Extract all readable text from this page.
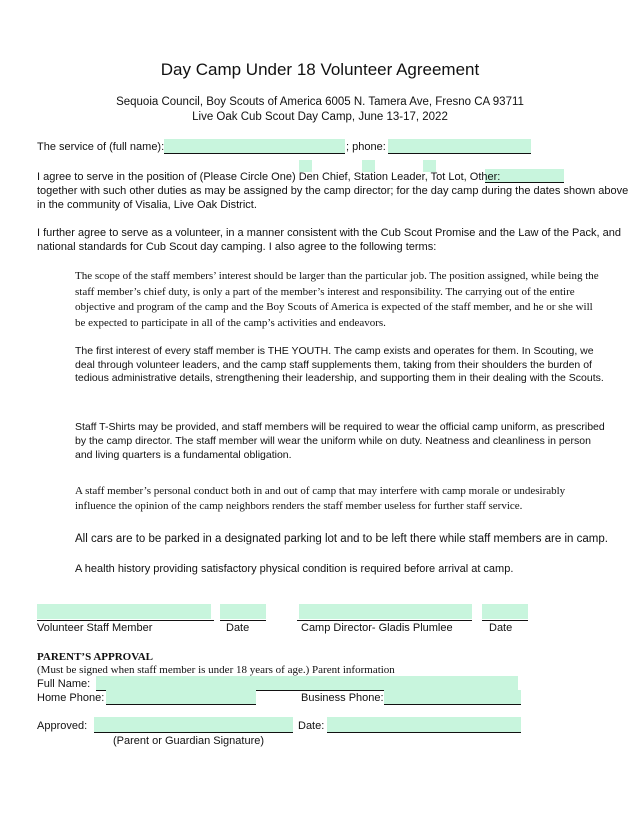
Day Camp Under 18 Volunteer Agreement
Sequoia Council, Boy Scouts of America 6005 N. Tamera Ave, Fresno CA 93711
Live Oak Cub Scout Day Camp, June 13-17, 2022
The service of (full name):	; phone:
I agree to serve in the position of (Please Circle One) Den Chief, Station Leader, Tot Lot, Other:
together with such other duties as may be assigned by the camp director; for the day camp during the dates shown above
in the community of Visalia, Live Oak District.
I further agree to serve as a volunteer, in a manner consistent with the Cub Scout Promise and the Law of the Pack, and
national standards for Cub Scout day camping. I also agree to the following terms:
The scope of the staff members’ interest should be larger than the particular job. The position assigned, while being the staff member’s chief duty, is only a part of the member’s interest and responsibility. The carrying out of the entire objective and program of the camp and the Boy Scouts of America is expected of the staff member, and he or she will be expected to participate in all of the camp’s activities and endeavors.
The first interest of every staff member is THE YOUTH. The camp exists and operates for them. In Scouting, we deal through volunteer leaders, and the camp staff supplements them, taking from their shoulders the burden of tedious administrative details, strengthening their leadership, and supporting them in their dealing with the Scouts.
Staff T-Shirts may be provided, and staff members will be required to wear the official camp uniform, as prescribed by the camp director. The staff member will wear the uniform while on duty. Neatness and cleanliness in person and living quarters is a fundamental obligation.
A staff member’s personal conduct both in and out of camp that may interfere with camp morale or undesirably influence the opinion of the camp neighbors renders the staff member useless for further staff service.
All cars are to be parked in a designated parking lot and to be left there while staff members are in camp.
A health history providing satisfactory physical condition is required before arrival at camp.
Volunteer Staff Member	Date	Camp Director- Gladis Plumlee	Date
PARENT’S APPROVAL
(Must be signed when staff member is under 18 years of age.) Parent information
Full Name:
Home Phone:	Business Phone:
Approved:	Date:
(Parent or Guardian Signature)
